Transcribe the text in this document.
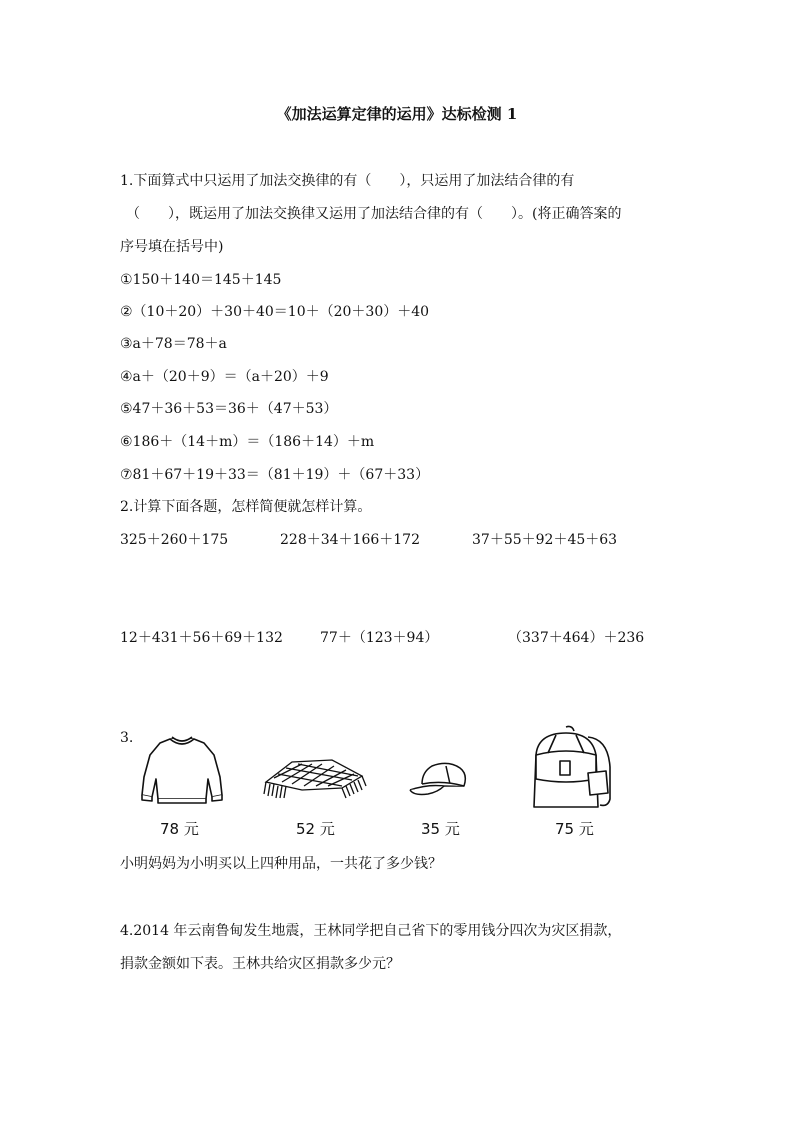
《加法运算定律的运用》达标检测 1
1.下面算式中只运用了加法交换律的有（　　），只运用了加法结合律的有
（　　），既运用了加法交换律又运用了加法结合律的有（　　）。(将正确答案的
序号填在括号中)
①150＋140＝145＋145
②（10＋20）＋30＋40＝10＋（20＋30）＋40
③a＋78＝78＋a
④a＋（20＋9）＝（a＋20）＋9
⑤47＋36＋53＝36＋（47＋53）
⑥186＋（14＋m）＝（186＋14）＋m
⑦81＋67＋19＋33＝（81＋19）＋（67＋33）
2.计算下面各题，怎样简便就怎样计算。
325＋260＋175	228＋34＋166＋172	37＋55＋92＋45＋63
12＋431＋56＋69＋132	77＋（123＋94）	（337＋464）＋236
3.
78 元	52 元	35 元	75 元
小明妈妈为小明买以上四种用品，一共花了多少钱？
4.2014 年云南鲁甸发生地震，王林同学把自己省下的零用钱分四次为灾区捐款，
捐款金额如下表。王林共给灾区捐款多少元？
